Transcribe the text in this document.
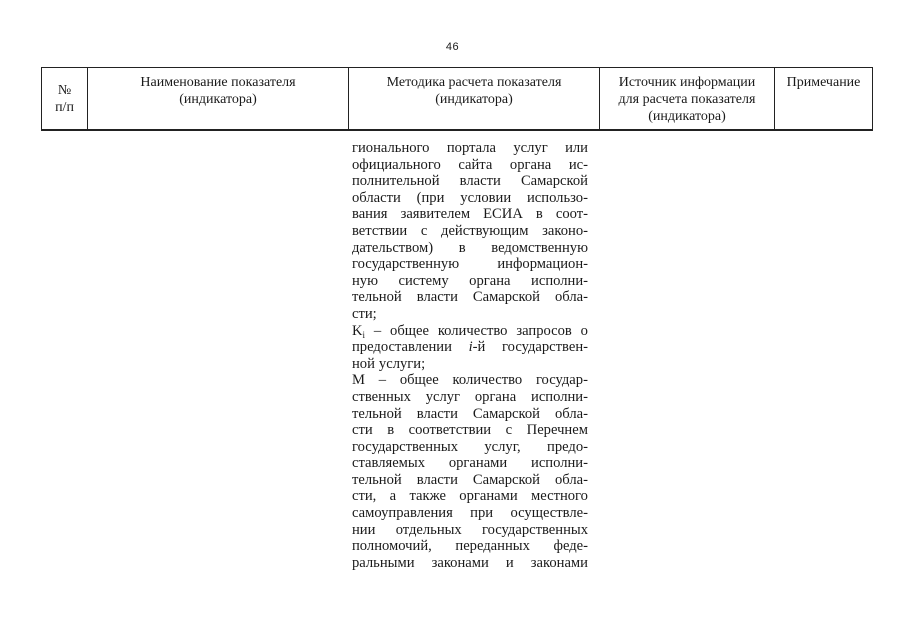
46
№
п/п
Наименование показателя
(индикатора)
Методика расчета показателя
(индикатора)
Источник информации
для расчета показателя
(индикатора)
Примечание
гионального портала услуг или
официального сайта органа ис-
полнительной власти Самарской
области (при условии использо-
вания заявителем ЕСИА в соот-
ветствии с действующим законо-
дательством) в ведомственную
государственную	информацион-
ную систему органа исполни-
тельной власти Самарской обла-
сти;
$K_i$ – общее количество запросов о
предоставлении i-й государствен-
ной услуги;
М – общее количество государ-
ственных услуг органа исполни-
тельной власти Самарской обла-
сти в соответствии с Перечнем
государственных услуг, предо-
ставляемых органами исполни-
тельной власти Самарской обла-
сти, а также органами местного
самоуправления при осуществле-
нии отдельных государственных
полномочий, переданных феде-
ральными законами и законами
